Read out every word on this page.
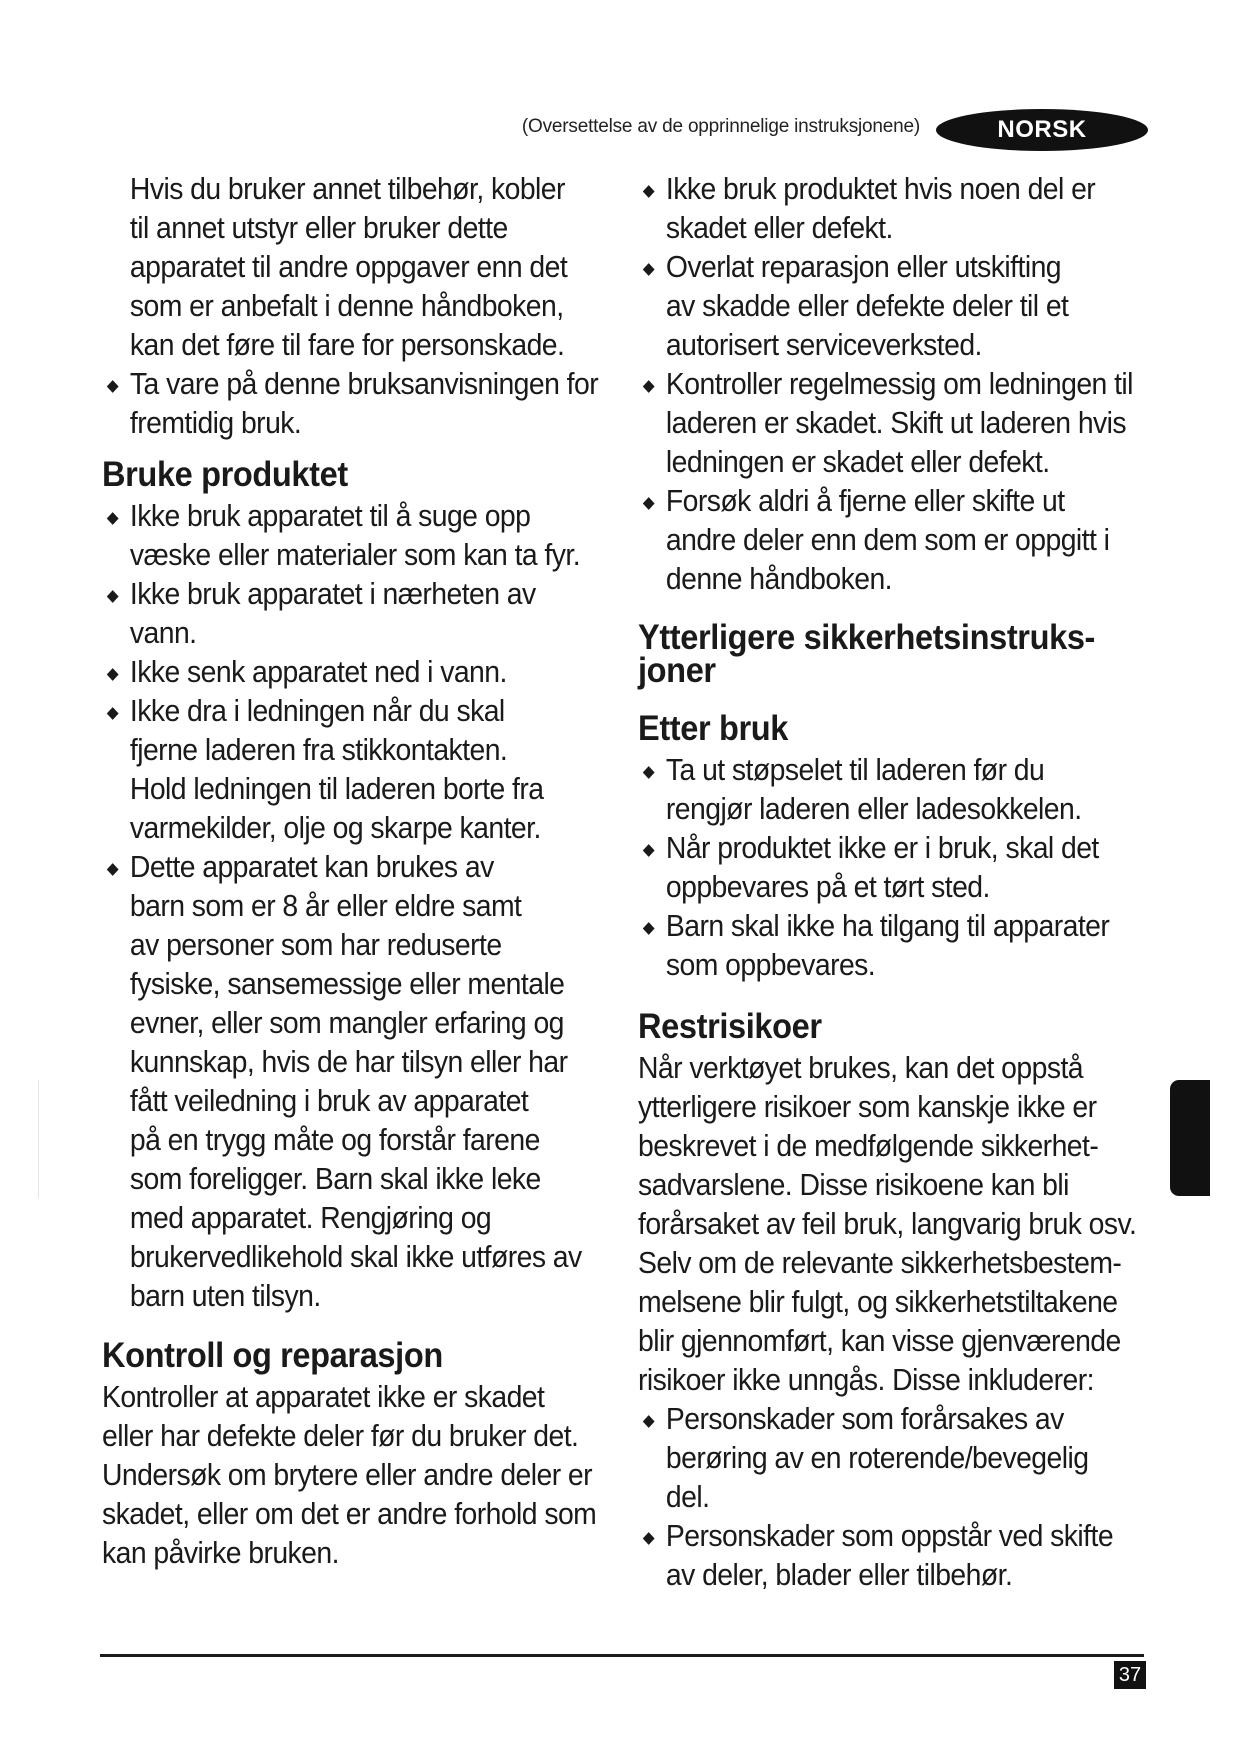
(Oversettelse av de opprinnelige instruksjonene)	NORSK

Hvis du bruker annet tilbehør, kobler

til annet utstyr eller bruker dette

apparatet til andre oppgaver enn det

som er anbefalt i denne håndboken,

kan det føre til fare for personskade.

Ta vare på denne bruksanvisningen for

fremtidig bruk.

Bruke produktet

Ikke bruk apparatet til å suge opp

væske eller materialer som kan ta fyr.

Ikke bruk apparatet i nærheten av

vann.

Ikke senk apparatet ned i vann.

Ikke dra i ledningen når du skal

fjerne laderen fra stikkontakten.

Hold ledningen til laderen borte fra

varmekilder, olje og skarpe kanter.

Dette apparatet kan brukes av

barn som er 8 år eller eldre samt

av personer som har reduserte

fysiske, sansemessige eller mentale

evner, eller som mangler erfaring og

kunnskap, hvis de har tilsyn eller har

fått veiledning i bruk av apparatet

på en trygg måte og forstår farene

som foreligger. Barn skal ikke leke

med apparatet. Rengjøring og

brukervedlikehold skal ikke utføres av

barn uten tilsyn.

Kontroll og reparasjon

Kontroller at apparatet ikke er skadet

eller har defekte deler før du bruker det.

Undersøk om brytere eller andre deler er

skadet, eller om det er andre forhold som

kan påvirke bruken.

Ikke bruk produktet hvis noen del er

skadet eller defekt.

Overlat reparasjon eller utskifting

av skadde eller defekte deler til et

autorisert serviceverksted.

Kontroller regelmessig om ledningen til

laderen er skadet. Skift ut laderen hvis

ledningen er skadet eller defekt.

Forsøk aldri å fjerne eller skifte ut

andre deler enn dem som er oppgitt i

denne håndboken.

Ytterligere sikkerhetsinstruks-
joner
Etter bruk

Ta ut støpselet til laderen før du

rengjør laderen eller ladesokkelen.

Når produktet ikke er i bruk, skal det

oppbevares på et tørt sted.

Barn skal ikke ha tilgang til apparater

som oppbevares.

Restrisikoer

Når verktøyet brukes, kan det oppstå

ytterligere risikoer som kanskje ikke er

beskrevet i de medfølgende sikkerhet-

sadvarslene. Disse risikoene kan bli

forårsaket av feil bruk, langvarig bruk osv.

Selv om de relevante sikkerhetsbestem-

melsene blir fulgt, og sikkerhetstiltakene

blir gjennomført, kan visse gjenværende

risikoer ikke unngås. Disse inkluderer:

Personskader som forårsakes av

berøring av en roterende/bevegelig

del.

Personskader som oppstår ved skifte

av deler, blader eller tilbehør.

37
